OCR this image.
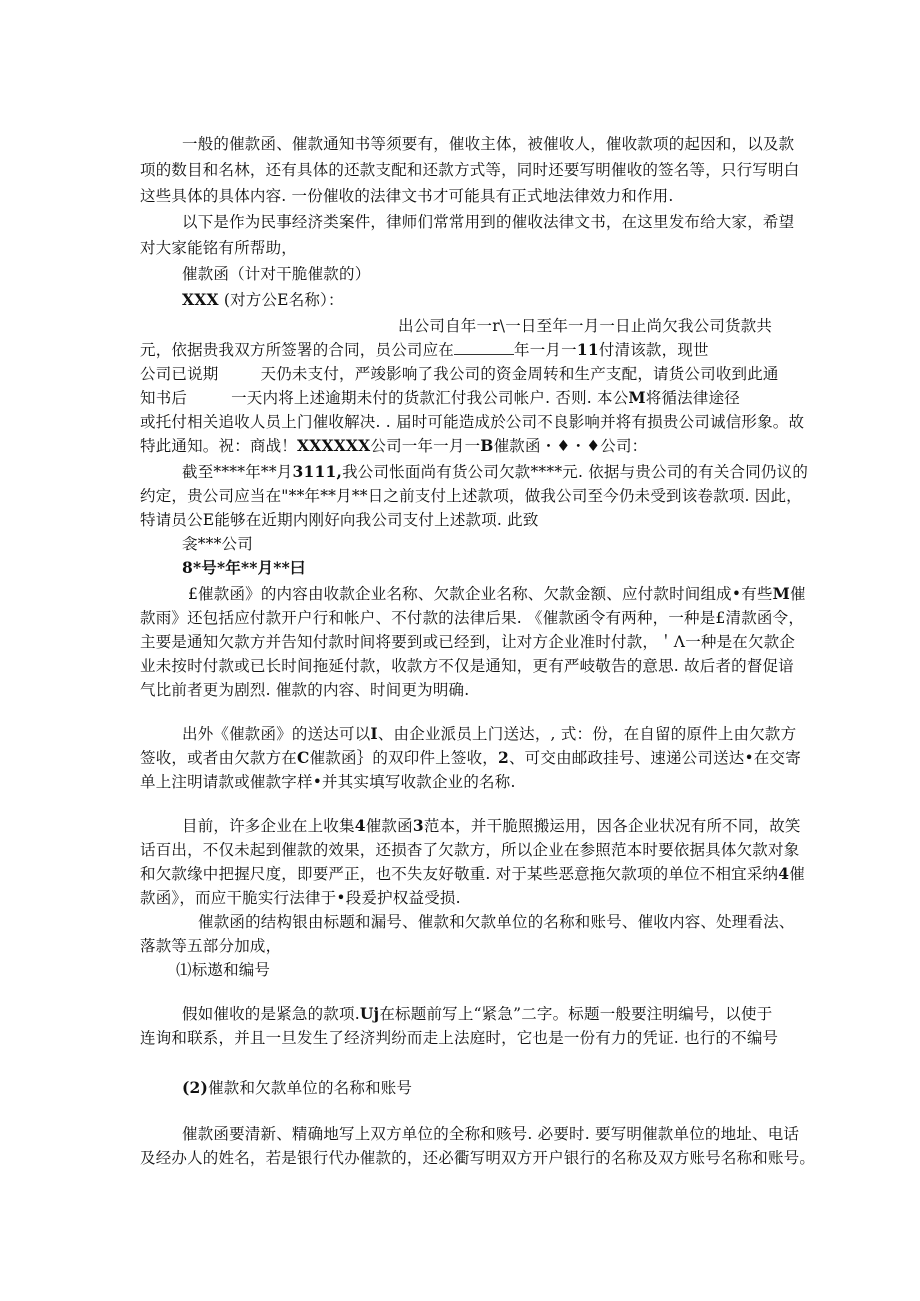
一般的催款函、催款通知书等须要有，催收主体，被催收人，催收款项的起因和，以及款
项的数目和名林，还有具体的还款支配和还款方式等，同时还要写明催收的签名等，只行写明白
这些具体的具体内容. 一份催收的法律文书才可能具有正式地法律效力和作用.
以下是作为民事经济类案件，律师们常常用到的催收法律文书，在这里发布给大家，希望
对大家能铭有所帮助，
催款函（计对干脆催款的）
XXX (对方公E名称）：
出公司自年一r\一日至年一月一日止尚欠我公司货款共
元，依据贵我双方所签署的合同，员公司应在	年一月一11付清该款，现世
公司已说期	天仍未支付，严竣影响了我公司的资金周转和生产支配，请货公司收到此通
知书后	一天内将上述逾期未付的货款汇付我公司帐户. 否则. 本公M将循法律途径
或托付相关追收人员上门催收解决. . 届时可能造成於公司不良影响并将有损贵公司诚信形象。故
特此通知。祝：商战！XXXXXX公司一年一月一B催款函・♦・♦公司：
截至****年**月3111,我公司怅面尚有货公司欠款****元. 依据与贵公司的有关合同仍议的
约定，贵公司应当在"**年**月**日之前支付上述款项，做我公司至今仍未受到该卷款项. 因此，
特请员公E能够在近期内刚好向我公司支付上述款项. 此致
衾***公司
8*号*年**月**曰
£催款函》的内容由收款企业名称、欠款企业名称、欠款金额、应付款时间组成•有些M催
款雨》还包括应付款开户行和帐户、不付款的法律后果. 《催款函令有两种，一种是£清款函令，
主要是通知欠款方并告知付款时间将要到或已经到，让对方企业准时付款，＇Λ一种是在欠款企
业未按时付款或已长时间拖延付款，收款方不仅是通知，更有严岐敬告的意思. 故后者的督促谙
气比前者更为剧烈. 催款的内容、时间更为明确.
出外《催款函》的送达可以I、由企业派员上门送达，, 式：份，在自留的原件上由欠款方
签收，或者由欠款方在C催款函｝的双印件上签收，2、可交由邮政挂号、速递公司送达•在交寄
单上注明请款或催款字样•并其实填写收款企业的名称.
目前，许多企业在上收集4催款函3范本，并干脆照搬运用，因各企业状况有所不同，故笑
话百出，不仅未起到催款的效果，还损杳了欠款方，所以企业在参照范本时要依据具体欠款对象
和欠款缘中把握尺度，即要严正，也不失友好敬重. 对于某些恶意拖欠款项的单位不相宜采纳4催
款函》，而应干脆实行法律于•段爰护权益受损.
催款函的结构银由标题和漏号、催款和欠款单位的名称和账号、催收内容、处理看法、
落款等五部分加成，
⑴标遨和编号
假如催收的是紧急的款项.Uj在标题前写上“紧急”二字。标题一般要注明编号，以使于
连询和联系，并且一旦发生了经济判纷而走上法庭时，它也是一份有力的凭证. 也行的不编号
(2)催款和欠款单位的名称和账号
催款函要清新、精确地写上双方单位的全称和赅号. 必要时. 要写明催款单位的地址、电话
及经办人的姓名，若是银行代办催款的，还必衢写明双方开户银行的名称及双方账号名称和账号。
